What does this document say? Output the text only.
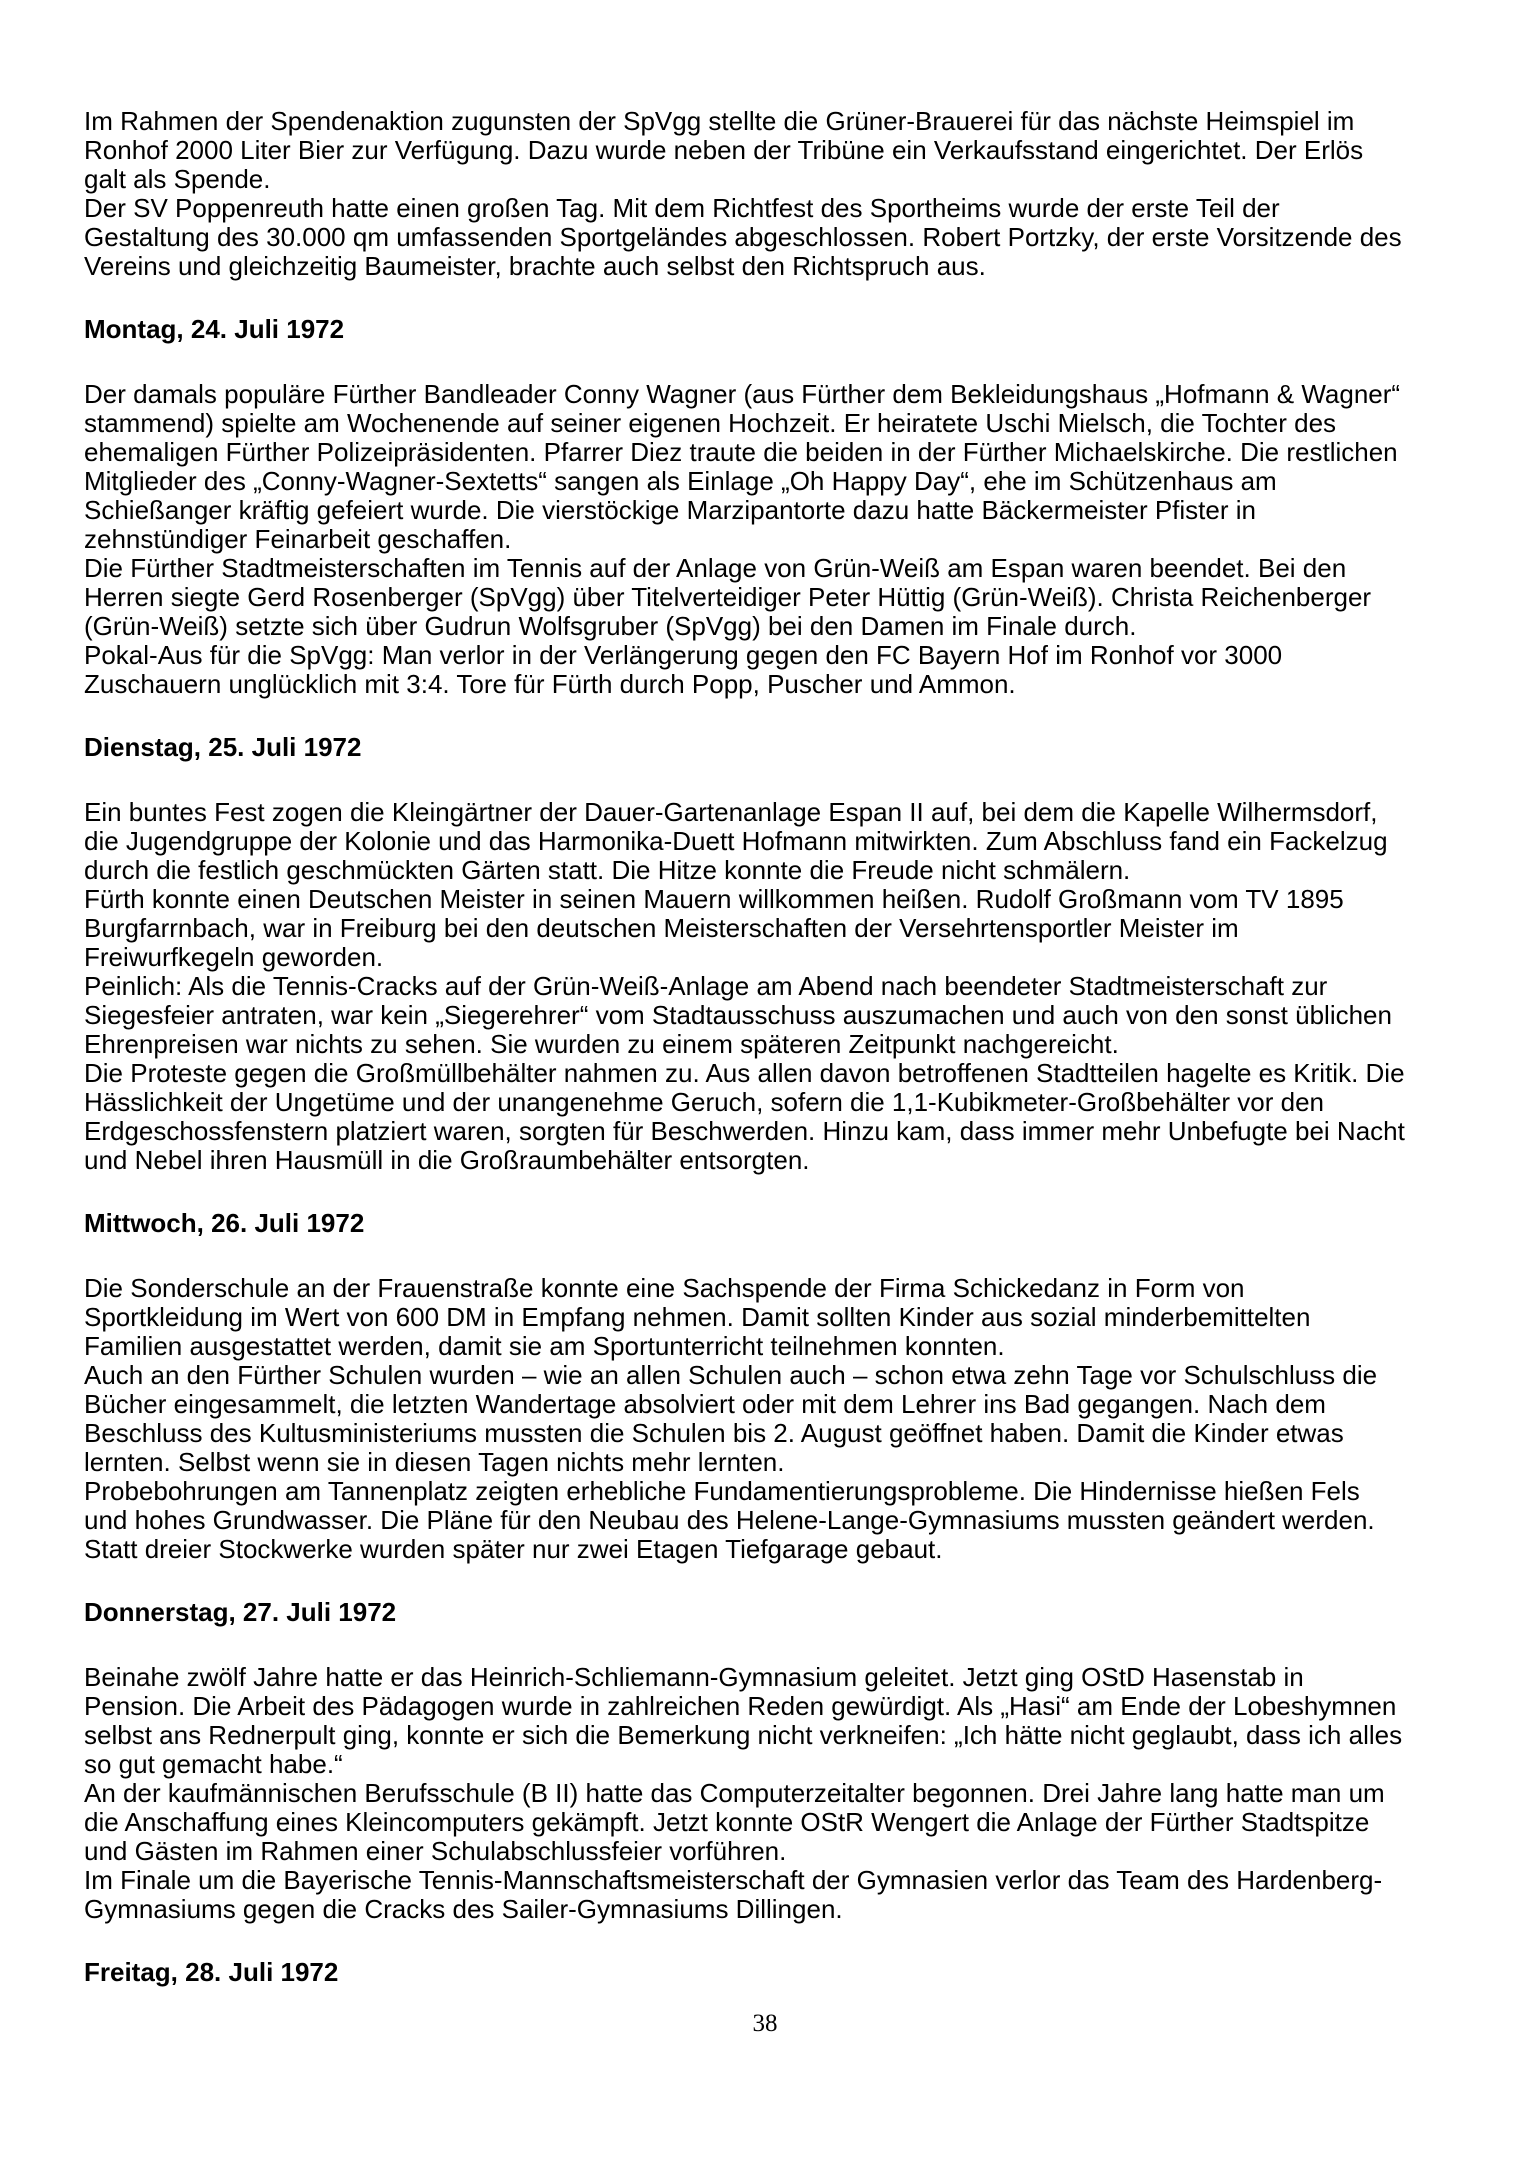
Im Rahmen der Spendenaktion zugunsten der SpVgg stellte die Grüner-Brauerei für das nächste Heimspiel im
Ronhof 2000 Liter Bier zur Verfügung. Dazu wurde neben der Tribüne ein Verkaufsstand eingerichtet. Der Erlös
galt als Spende.
Der SV Poppenreuth hatte einen großen Tag. Mit dem Richtfest des Sportheims wurde der erste Teil der
Gestaltung des 30.000 qm umfassenden Sportgeländes abgeschlossen. Robert Portzky, der erste Vorsitzende des
Vereins und gleichzeitig Baumeister, brachte auch selbst den Richtspruch aus.
Montag, 24. Juli 1972
Der damals populäre Fürther Bandleader Conny Wagner (aus Fürther dem Bekleidungshaus „Hofmann & Wagner“
stammend) spielte am Wochenende auf seiner eigenen Hochzeit. Er heiratete Uschi Mielsch, die Tochter des
ehemaligen Fürther Polizeipräsidenten. Pfarrer Diez traute die beiden in der Fürther Michaelskirche. Die restlichen
Mitglieder des „Conny-Wagner-Sextetts“ sangen als Einlage „Oh Happy Day“, ehe im Schützenhaus am
Schießanger kräftig gefeiert wurde. Die vierstöckige Marzipantorte dazu hatte Bäckermeister Pfister in
zehnstündiger Feinarbeit geschaffen.
Die Fürther Stadtmeisterschaften im Tennis auf der Anlage von Grün-Weiß am Espan waren beendet. Bei den
Herren siegte Gerd Rosenberger (SpVgg) über Titelverteidiger Peter Hüttig (Grün-Weiß). Christa Reichenberger
(Grün-Weiß) setzte sich über Gudrun Wolfsgruber (SpVgg) bei den Damen im Finale durch.
Pokal-Aus für die SpVgg: Man verlor in der Verlängerung gegen den FC Bayern Hof im Ronhof vor 3000
Zuschauern unglücklich mit 3:4. Tore für Fürth durch Popp, Puscher und Ammon.
Dienstag, 25. Juli 1972
Ein buntes Fest zogen die Kleingärtner der Dauer-Gartenanlage Espan II auf, bei dem die Kapelle Wilhermsdorf,
die Jugendgruppe der Kolonie und das Harmonika-Duett Hofmann mitwirkten. Zum Abschluss fand ein Fackelzug
durch die festlich geschmückten Gärten statt. Die Hitze konnte die Freude nicht schmälern.
Fürth konnte einen Deutschen Meister in seinen Mauern willkommen heißen. Rudolf Großmann vom TV 1895
Burgfarrnbach, war in Freiburg bei den deutschen Meisterschaften der Versehrtensportler Meister im
Freiwurfkegeln geworden.
Peinlich: Als die Tennis-Cracks auf der Grün-Weiß-Anlage am Abend nach beendeter Stadtmeisterschaft zur
Siegesfeier antraten, war kein „Siegerehrer“ vom Stadtausschuss auszumachen und auch von den sonst üblichen
Ehrenpreisen war nichts zu sehen. Sie wurden zu einem späteren Zeitpunkt nachgereicht.
Die Proteste gegen die Großmüllbehälter nahmen zu. Aus allen davon betroffenen Stadtteilen hagelte es Kritik. Die
Hässlichkeit der Ungetüme und der unangenehme Geruch, sofern die 1,1-Kubikmeter-Großbehälter vor den
Erdgeschossfenstern platziert waren, sorgten für Beschwerden. Hinzu kam, dass immer mehr Unbefugte bei Nacht
und Nebel ihren Hausmüll in die Großraumbehälter entsorgten.
Mittwoch, 26. Juli 1972
Die Sonderschule an der Frauenstraße konnte eine Sachspende der Firma Schickedanz in Form von
Sportkleidung im Wert von 600 DM in Empfang nehmen. Damit sollten Kinder aus sozial minderbemittelten
Familien ausgestattet werden, damit sie am Sportunterricht teilnehmen konnten.
Auch an den Fürther Schulen wurden – wie an allen Schulen auch – schon etwa zehn Tage vor Schulschluss die
Bücher eingesammelt, die letzten Wandertage absolviert oder mit dem Lehrer ins Bad gegangen. Nach dem
Beschluss des Kultusministeriums mussten die Schulen bis 2. August geöffnet haben. Damit die Kinder etwas
lernten. Selbst wenn sie in diesen Tagen nichts mehr lernten.
Probebohrungen am Tannenplatz zeigten erhebliche Fundamentierungsprobleme. Die Hindernisse hießen Fels
und hohes Grundwasser. Die Pläne für den Neubau des Helene-Lange-Gymnasiums mussten geändert werden.
Statt dreier Stockwerke wurden später nur zwei Etagen Tiefgarage gebaut.
Donnerstag, 27. Juli 1972
Beinahe zwölf Jahre hatte er das Heinrich-Schliemann-Gymnasium geleitet. Jetzt ging OStD Hasenstab in
Pension. Die Arbeit des Pädagogen wurde in zahlreichen Reden gewürdigt. Als „Hasi“ am Ende der Lobeshymnen
selbst ans Rednerpult ging, konnte er sich die Bemerkung nicht verkneifen: „Ich hätte nicht geglaubt, dass ich alles
so gut gemacht habe.“
An der kaufmännischen Berufsschule (B II) hatte das Computerzeitalter begonnen. Drei Jahre lang hatte man um
die Anschaffung eines Kleincomputers gekämpft. Jetzt konnte OStR Wengert die Anlage der Fürther Stadtspitze
und Gästen im Rahmen einer Schulabschlussfeier vorführen.
Im Finale um die Bayerische Tennis-Mannschaftsmeisterschaft der Gymnasien verlor das Team des Hardenberg-
Gymnasiums gegen die Cracks des Sailer-Gymnasiums Dillingen.
Freitag, 28. Juli 1972
38
